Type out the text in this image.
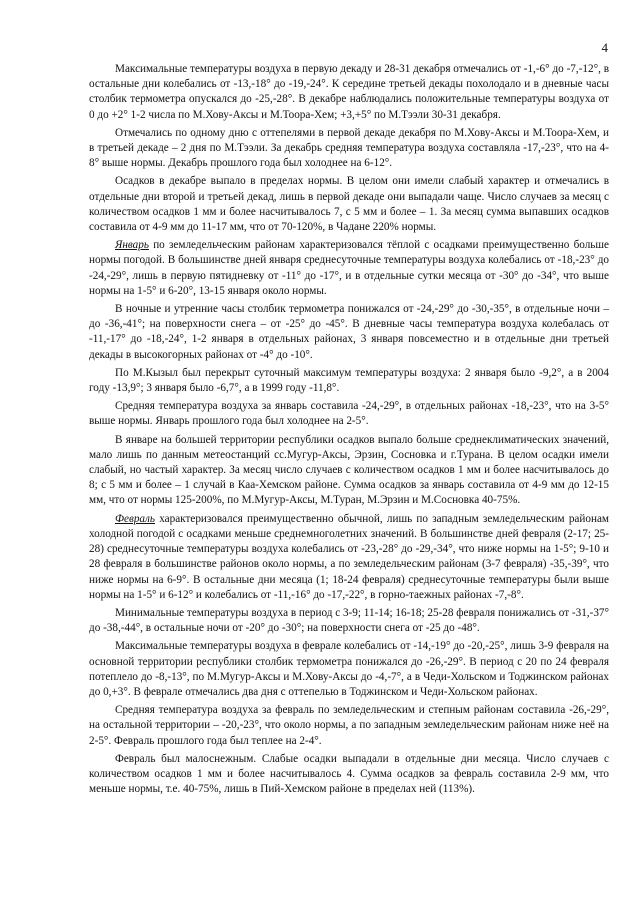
4

Максимальные температуры воздуха в первую декаду и 28-31 декабря отмечались от -1,-6° до -7,-12°, в остальные дни колебались от -13,-18° до -19,-24°. К середине третьей декады похолодало и в дневные часы столбик термометра опускался до -25,-28°. В декабре наблюдались положительные температуры воздуха от 0 до +2° 1-2 числа по М.Хову-Аксы и М.Тоора-Хем; +3,+5° по М.Тээли 30-31 декабря.

Отмечались по одному дню с оттепелями в первой декаде декабря по М.Хову-Аксы и М.Тоора-Хем, и в третьей декаде – 2 дня по М.Тээли. За декабрь средняя температура воздуха составляла -17,-23°, что на 4-8° выше нормы. Декабрь прошлого года был холоднее на 6-12°.

Осадков в декабре выпало в пределах нормы. В целом они имели слабый характер и отмечались в отдельные дни второй и третьей декад, лишь в первой декаде они выпадали чаще. Число случаев за месяц с количеством осадков 1 мм и более насчитывалось 7, с 5 мм и более – 1. За месяц сумма выпавших осадков составила от 4-9 мм до 11-17 мм, что от 70-120%, в Чадане 220% нормы.

Январь по земледельческим районам характеризовался тёплой с осадками преимущественно больше нормы погодой. В большинстве дней января среднесуточные температуры воздуха колебались от -18,-23° до -24,-29°, лишь в первую пятидневку от -11° до -17°, и в отдельные сутки месяца от -30° до -34°, что выше нормы на 1-5° и 6-20°, 13-15 января около нормы.

В ночные и утренние часы столбик термометра понижался от -24,-29° до -30,-35°, в отдельные ночи – до -36,-41°; на поверхности снега – от -25° до -45°. В дневные часы температура воздуха колебалась от -11,-17° до -18,-24°, 1-2 января в отдельных районах, 3 января повсеместно и в отдельные дни третьей декады в высокогорных районах от -4° до -10°.

По М.Кызыл был перекрыт суточный максимум температуры воздуха: 2 января было -9,2°, а в 2004 году -13,9°; 3 января было -6,7°, а в 1999 году -11,8°.

Средняя температура воздуха за январь составила -24,-29°, в отдельных районах -18,-23°, что на 3-5° выше нормы. Январь прошлого года был холоднее на 2-5°.

В январе на большей территории республики осадков выпало больше среднеклиматических значений, мало лишь по данным метеостанций сс.Мугур-Аксы, Эрзин, Сосновка и г.Турана. В целом осадки имели слабый, но частый характер. За месяц число случаев с количеством осадков 1 мм и более насчитывалось до 8; с 5 мм и более – 1 случай в Каа-Хемском районе. Сумма осадков за январь составила от 4-9 мм до 12-15 мм, что от нормы 125-200%, по М.Мугур-Аксы, М.Туран, М.Эрзин и М.Сосновка 40-75%.

Февраль характеризовался преимущественно обычной, лишь по западным земледельческим районам холодной погодой с осадками меньше среднемноголетних значений. В большинстве дней февраля (2-17; 25-28) среднесуточные температуры воздуха колебались от -23,-28° до -29,-34°, что ниже нормы на 1-5°; 9-10 и 28 февраля в большинстве районов около нормы, а по земледельческим районам (3-7 февраля) -35,-39°, что ниже нормы на 6-9°. В остальные дни месяца (1; 18-24 февраля) среднесуточные температуры были выше нормы на 1-5° и 6-12° и колебались от -11,-16° до -17,-22°, в горно-таежных районах -7,-8°.

Минимальные температуры воздуха в период с 3-9; 11-14; 16-18; 25-28 февраля понижались от -31,-37° до -38,-44°, в остальные ночи от -20° до -30°; на поверхности снега от -25 до -48°.

Максимальные температуры воздуха в феврале колебались от -14,-19° до -20,-25°, лишь 3-9 февраля на основной территории республики столбик термометра понижался до -26,-29°. В период с 20 по 24 февраля потеплело до -8,-13°, по М.Мугур-Аксы и М.Хову-Аксы до -4,-7°, а в Чеди-Хольском и Тоджинском районах до 0,+3°. В феврале отмечались два дня с оттепелью в Тоджинском и Чеди-Хольском районах.

Средняя температура воздуха за февраль по земледельческим и степным районам составила -26,-29°, на остальной территории – -20,-23°, что около нормы, а по западным земледельческим районам ниже неё на 2-5°. Февраль прошлого года был теплее на 2-4°.

Февраль был малоснежным. Слабые осадки выпадали в отдельные дни месяца. Число случаев с количеством осадков 1 мм и более насчитывалось 4. Сумма осадков за февраль составила 2-9 мм, что меньше нормы, т.е. 40-75%, лишь в Пий-Хемском районе в пределах ней (113%).
